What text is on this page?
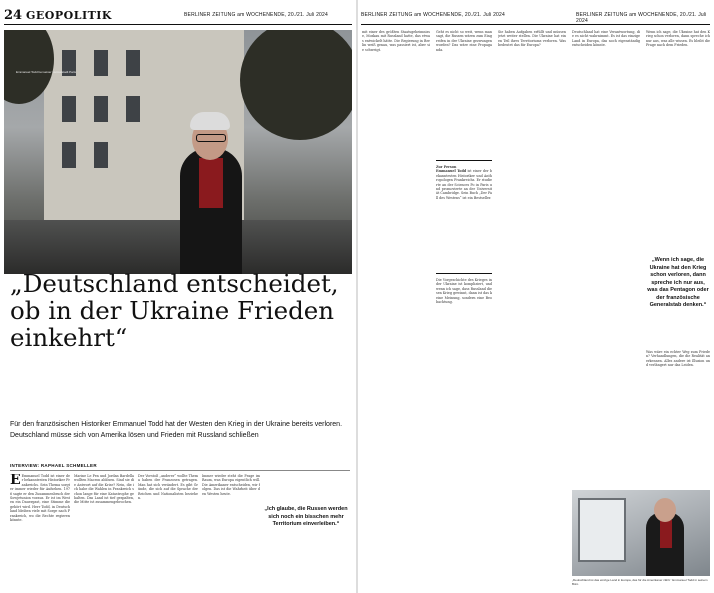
24 GEOPOLITIK	BERLINER ZEITUNG am WOCHENENDE, 20./21. Juli 2024
Emmanuel Todd bei seiner Heimatstadt Paris
„Deutschland entscheidet, ob in der Ukraine Frieden einkehrt“
Für den französischen Historiker Emmanuel Todd hat der Westen den Krieg in der Ukraine bereits verloren. Deutschland müsse sich von Amerika lösen und Frieden mit Russland schließen
INTERVIEW: RAPHAEL SCHMELLER
E Emmanuel Todd ist einer der bekanntesten Historiker Frankreichs. Sein Thema sorgt er immer wieder für Aufsehen. 1976 sagte er den Zusammenbruch der Sowjetunion voraus. Er ist im Westen ein Dauergast, eine Stimme die gehört wird. Herr Todd, in Deutschland bleiben viele mit Sorge nach Frankreich, wo die Rechte regieren könnte.
Marine Le Pen und Jordan Bardella wollten Macron ablösen. Sind sie die Antwort auf die Krise? Nein, die ich habe die Wahlen in Frankreich schon lange für eine Katastrophe gehalten. Das Land ist tief gespalten, die Mitte ist zusammengebrochen.
Der Vorstoß „anderer“ wollte Thema haben der Franzosen getragen. Man hat sich verändert. Es gibt Gründe, die sich auf die Sprache der Reichen und Nationalisten beziehen.
Immer wieder steht die Frage im Raum, was Europa eigentlich will. Die Amerikaner entscheiden, wir folgen. Das ist die Wahrheit über den Westen heute.
„Ich glaube, die Russen werden sich noch ein bisschen mehr Territorium einverleiben.“
BERLINER ZEITUNG am WOCHENENDE, 20./21. Juli 2024	BERLINER ZEITUNG am WOCHENENDE, 20./21. Juli 2024
mit einer des größten Staatsgeheimnisse, Moskau mit Russland hatte, das etwas entwickelt hätte. Die Regierung in Berlin weiß genau, was passiert ist, aber sie schweigt.
Geht es nicht so weit, wenn man sagt, die Russen wären zum Eingreifen in der Ukraine gezwungen worden? Das wäre eine Propaganda.
Zur Person
Emmanuel Todd ist einer der bekanntesten Historiker und Anthropologen Frankreichs. Er studierte an der Sciences Po in Paris und promovierte an der Universität Cambridge. Sein Buch „Der Fall des Westens“ ist ein Bestseller.
Die Vorgeschichte des Krieges in der Ukraine ist kompliziert, und wenn ich sage, dass Russland diesen Krieg gewinnt, dann ist das keine Meinung, sondern eine Beobachtung.
Sie haben Aufgaben erfüllt und müssen jetzt weiter stellen. Die Ukraine hat einen Teil ihres Territoriums verloren. Was bedeutet das für Europa?
Deutschland hat eine Verantwortung, die es nicht wahrnimmt. Es ist das einzige Land in Europa, das noch eigenständig entscheiden könnte.
Wenn ich sage, die Ukraine hat den Krieg schon verloren, dann spreche ich nur aus, was alle wissen. Es bleibt die Frage nach dem Frieden.
„Wenn ich sage, die Ukraine hat den Krieg schon verloren, dann spreche ich nur aus, was das Pentagon oder der französische Generalstab denken.“
Was wäre ein echter Weg zum Frieden? Verhandlungen, die die Realität anerkennen. Alles andere ist Illusion und verlängert nur das Leiden.
„Deutschland ist das einzige Land in Europa, das für die Amerikaner zählt.“ Emmanuel Todd in seinem Büro
